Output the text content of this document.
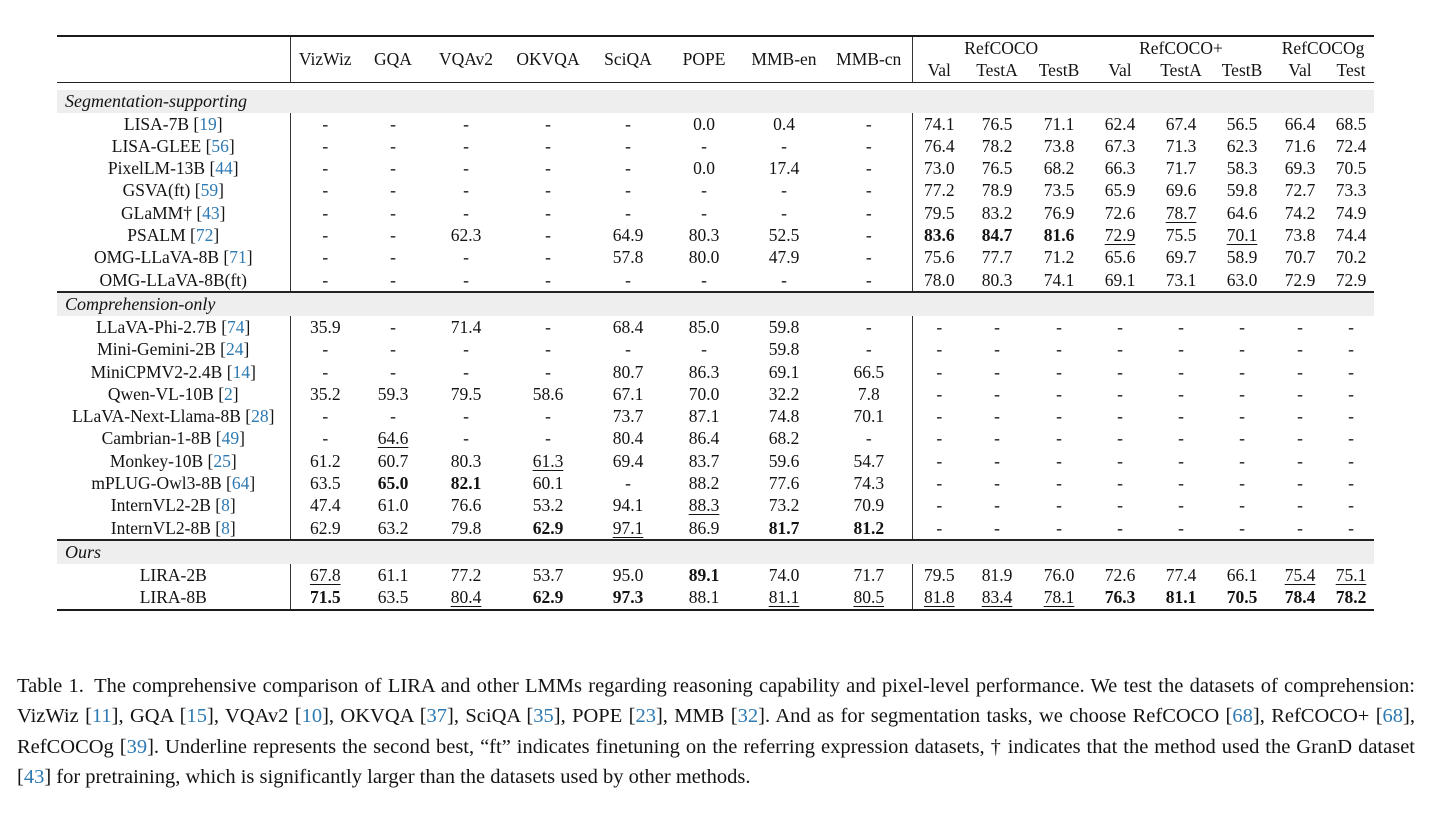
	VizWiz	GQA	VQAv2	OKVQA	SciQA	POPE	MMB-en	MMB-cn	RefCOCO			RefCOCO+			RefCOCOg	
									Val	TestA	TestB	Val	TestA	TestB	Val	Test

Segmentation-supporting																
LISA-7B [19]	-	-	-	-	-	0.0	0.4	-	74.1	76.5	71.1	62.4	67.4	56.5	66.4	68.5
LISA-GLEE [56]	-	-	-	-	-	-	-	-	76.4	78.2	73.8	67.3	71.3	62.3	71.6	72.4
PixelLM-13B [44]	-	-	-	-	-	0.0	17.4	-	73.0	76.5	68.2	66.3	71.7	58.3	69.3	70.5
GSVA(ft) [59]	-	-	-	-	-	-	-	-	77.2	78.9	73.5	65.9	69.6	59.8	72.7	73.3
GLaMM† [43]	-	-	-	-	-	-	-	-	79.5	83.2	76.9	72.6	78.7	64.6	74.2	74.9
PSALM [72]	-	-	62.3	-	64.9	80.3	52.5	-	83.6	84.7	81.6	72.9	75.5	70.1	73.8	74.4
OMG-LLaVA-8B [71]	-	-	-	-	57.8	80.0	47.9	-	75.6	77.7	71.2	65.6	69.7	58.9	70.7	70.2
OMG-LLaVA-8B(ft)	-	-	-	-	-	-	-	-	78.0	80.3	74.1	69.1	73.1	63.0	72.9	72.9
Comprehension-only																
LLaVA-Phi-2.7B [74]	35.9	-	71.4	-	68.4	85.0	59.8	-	-	-	-	-	-	-	-	-
Mini-Gemini-2B [24]	-	-	-	-	-	-	59.8	-	-	-	-	-	-	-	-	-
MiniCPMV2-2.4B [14]	-	-	-	-	80.7	86.3	69.1	66.5	-	-	-	-	-	-	-	-
Qwen-VL-10B [2]	35.2	59.3	79.5	58.6	67.1	70.0	32.2	7.8	-	-	-	-	-	-	-	-
LLaVA-Next-Llama-8B [28]	-	-	-	-	73.7	87.1	74.8	70.1	-	-	-	-	-	-	-	-
Cambrian-1-8B [49]	-	64.6	-	-	80.4	86.4	68.2	-	-	-	-	-	-	-	-	-
Monkey-10B [25]	61.2	60.7	80.3	61.3	69.4	83.7	59.6	54.7	-	-	-	-	-	-	-	-
mPLUG-Owl3-8B [64]	63.5	65.0	82.1	60.1	-	88.2	77.6	74.3	-	-	-	-	-	-	-	-
InternVL2-2B [8]	47.4	61.0	76.6	53.2	94.1	88.3	73.2	70.9	-	-	-	-	-	-	-	-
InternVL2-8B [8]	62.9	63.2	79.8	62.9	97.1	86.9	81.7	81.2	-	-	-	-	-	-	-	-
Ours																
LIRA-2B	67.8	61.1	77.2	53.7	95.0	89.1	74.0	71.7	79.5	81.9	76.0	72.6	77.4	66.1	75.4	75.1
LIRA-8B	71.5	63.5	80.4	62.9	97.3	88.1	81.1	80.5	81.8	83.4	78.1	76.3	81.1	70.5	78.4	78.2

Table 1. The comprehensive comparison of LIRA and other LMMs regarding reasoning capability and pixel-level performance. We test the datasets of comprehension: VizWiz [11], GQA [15], VQAv2 [10], OKVQA [37], SciQA [35], POPE [23], MMB [32]. And as for segmentation tasks, we choose RefCOCO [68], RefCOCO+ [68], RefCOCOg [39]. Underline represents the second best, “ft” indicates finetuning on the referring expression datasets, † indicates that the method used the GranD dataset [43] for pretraining, which is significantly larger than the datasets used by other methods.
